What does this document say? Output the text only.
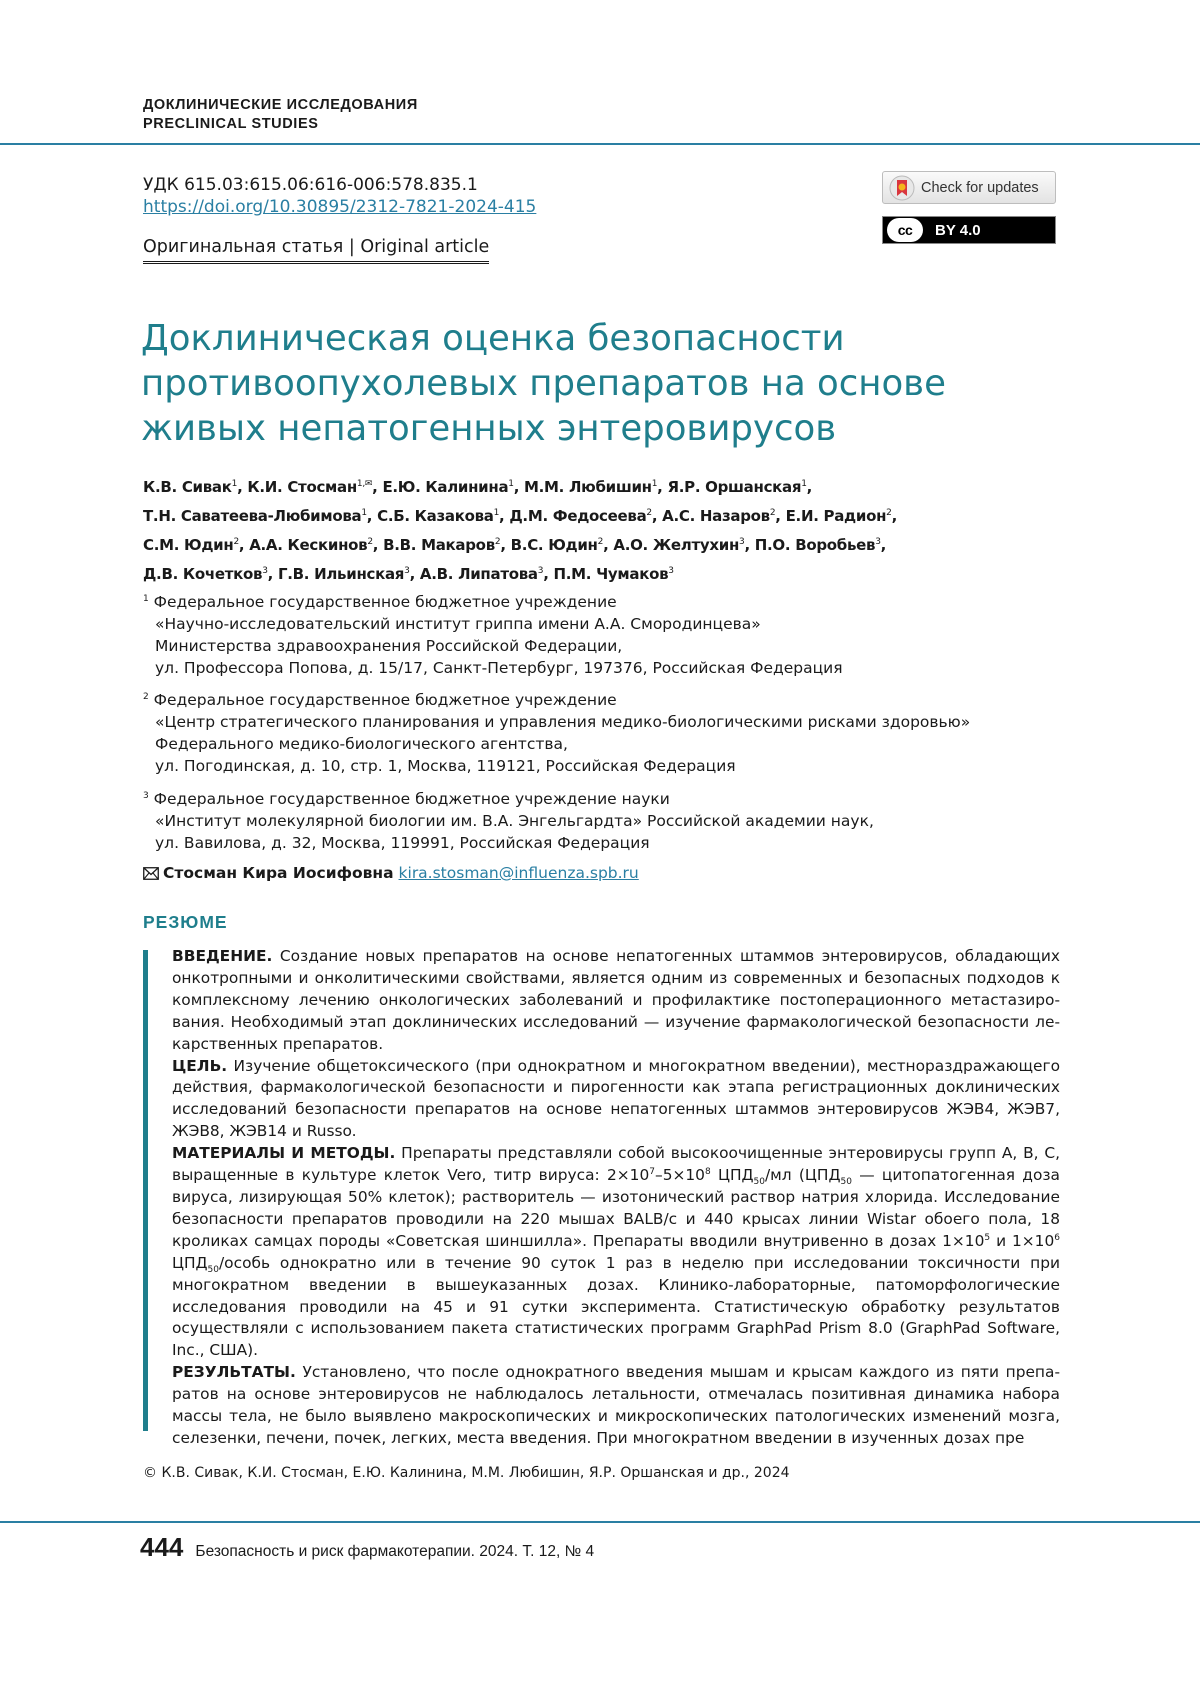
ДОКЛИНИЧЕСКИЕ ИССЛЕДОВАНИЯ
PRECLINICAL STUDIES
УДК 615.03:615.06:616-006:578.835.1
https://doi.org/10.30895/2312-7821-2024-415
Оригинальная статья | Original article
Check for updates
cc	BY 4.0
Доклиническая оценка безопасности
противоопухолевых препаратов на основе
живых непатогенных энтеровирусов
К.В. Сивак$^1$, К.И. Стосман$^{1,✉}$, Е.Ю. Калинина$^1$, М.М. Любишин$^1$, Я.Р. Оршанская$^1$,
Т.Н. Саватеева-Любимова$^1$, С.Б. Казакова$^1$, Д.М. Федосеева$^2$, А.С. Назаров$^2$, Е.И. Радион$^2$,
С.М. Юдин$^2$, А.А. Кескинов$^2$, В.В. Макаров$^2$, В.С. Юдин$^2$, А.О. Желтухин$^3$, П.О. Воробьев$^3$,
Д.В. Кочетков$^3$, Г.В. Ильинская$^3$, А.В. Липатова$^3$, П.М. Чумаков$^3$
$^1$ Федеральное государственное бюджетное учреждение
«Научно-исследовательский институт гриппа имени А.А. Смородинцева»
Министерства здравоохранения Российской Федерации,
ул. Профессора Попова, д. 15/17, Санкт-Петербург, 197376, Российская Федерация
$^2$ Федеральное государственное бюджетное учреждение
«Центр стратегического планирования и управления медико-биологическими рисками здоровью»
Федерального медико-биологического агентства,
ул. Погодинская, д. 10, стр. 1, Москва, 119121, Российская Федерация
$^3$ Федеральное государственное бюджетное учреждение науки
«Институт молекулярной биологии им. В.А. Энгельгардта» Российской академии наук,
ул. Вавилова, д. 32, Москва, 119991, Российская Федерация
Стосман Кира Иосифовна kira.stosman@influenza.spb.ru
РЕЗЮМЕ

ВВЕДЕНИЕ. Создание новых препаратов на основе непатогенных штаммов энтеровирусов, обладающих онкотропными и онколитическими свойствами, является одним из современных и безопасных подходов к комплексному лечению онкологических заболеваний и профилактике постоперационного метастазирования. Необходимый этап доклинических исследований — изучение фармакологической безопасности лекарственных препаратов.

ЦЕЛЬ. Изучение общетоксического (при однократном и многократном введении), местнораздражающего действия, фармакологической безопасности и пирогенности как этапа регистрационных доклинических исследований безопасности препаратов на основе непатогенных штаммов энтеровирусов ЖЭВ4, ЖЭВ7, ЖЭВ8, ЖЭВ14 и Russo.

МАТЕРИАЛЫ И МЕТОДЫ. Препараты представляли собой высокоочищенные энтеровирусы групп А, В, С, выращенные в культуре клеток Vero, титр вируса: $2\times 10^7-5\times 10^8$ $ЦПД_{50}/мл$ ($ЦПД_{50}$ — цитопатогенная доза вируса, лизирующая 50% клеток); растворитель — изотонический раствор натрия хлорида. Исследование безопасности препаратов проводили на 220 мышах BALB/c и 440 крысах линии Wistar обоего пола, 18 кроликах самцах породы «Советская шиншилла». Препараты вводили внутривенно в дозах $1\times 10^5$ и $1\times 10^6$ $ЦПД_{50}$/особь однократно или в течение 90 суток 1 раз в неделю при исследовании токсичности при многократном введении в вышеуказанных дозах. Клинико-лабораторные, патоморфологические исследования проводили на 45 и 91 сутки эксперимента. Статистическую обработку результатов осуществляли с использованием пакета статистических программ GraphPad Prism 8.0 (GraphPad Software, Inc., США).

РЕЗУЛЬТАТЫ. Установлено, что после однократного введения мышам и крысам каждого из пяти препаратов на основе энтеровирусов не наблюдалось летальности, отмечалась позитивная динамика набора массы тела, не было выявлено макроскопических и микроскопических патологических изменений мозга, селезенки, печени, почек, легких, места введения. При многократном введении в изученных дозах пре

© К.В. Сивак, К.И. Стосман, Е.Ю. Калинина, М.М. Любишин, Я.Р. Оршанская и др., 2024
444 Безопасность и риск фармакотерапии. 2024. Т. 12, № 4
